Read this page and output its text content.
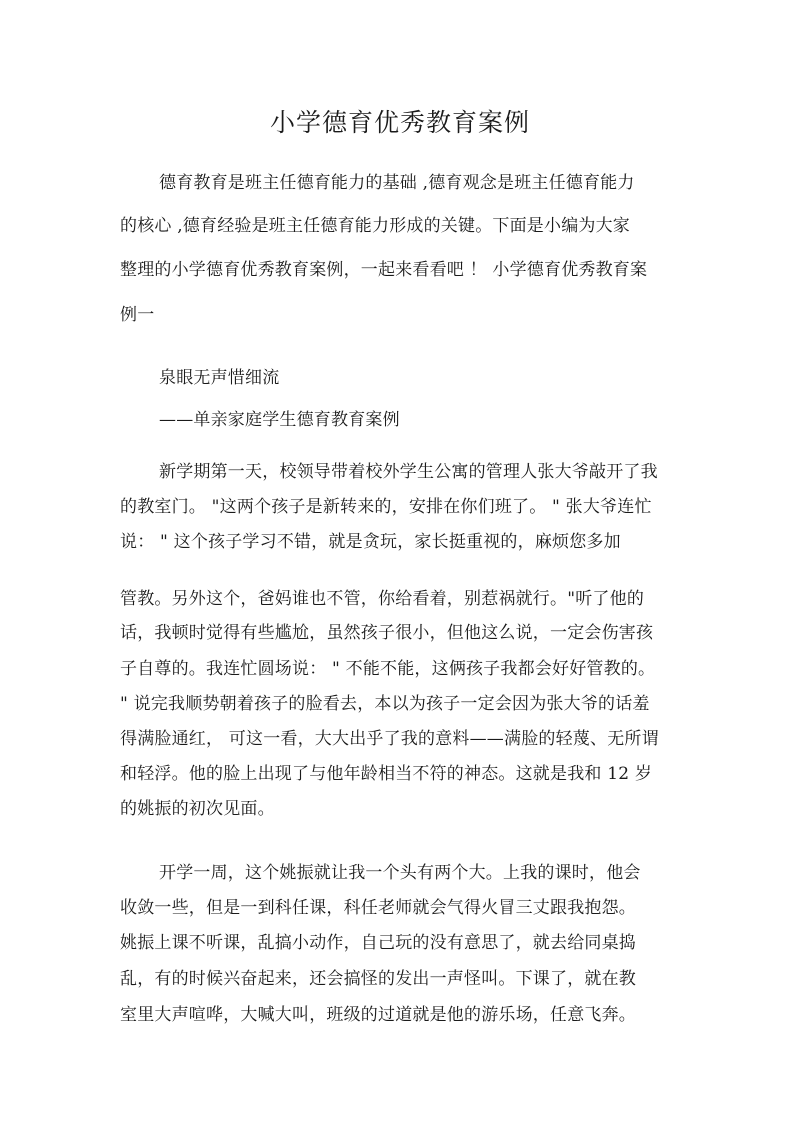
小学德育优秀教育案例
德育教育是班主任德育能力的基础 ,德育观念是班主任德育能力
的核心 ,德育经验是班主任德育能力形成的关键。下面是小编为大家
整理的小学德育优秀教育案例，一起来看看吧 ！ 小学德育优秀教育案
例一
泉眼无声惜细流
——单亲家庭学生德育教育案例
新学期第一天，校领导带着校外学生公寓的管理人张大爷敲开了我
的教室门。 "这两个孩子是新转来的，安排在你们班了。 " 张大爷连忙
说： " 这个孩子学习不错，就是贪玩，家长挺重视的，麻烦您多加
管教。另外这个，爸妈谁也不管，你给看着，别惹祸就行。"听了他的
话，我顿时觉得有些尴尬，虽然孩子很小，但他这么说，一定会伤害孩
子自尊的。我连忙圆场说： " 不能不能，这俩孩子我都会好好管教的。
" 说完我顺势朝着孩子的脸看去，本以为孩子一定会因为张大爷的话羞
得满脸通红， 可这一看，大大出乎了我的意料——满脸的轻蔑、无所谓
和轻浮。他的脸上出现了与他年龄相当不符的神态。这就是我和 12 岁
的姚振的初次见面。
开学一周，这个姚振就让我一个头有两个大。上我的课时，他会
收敛一些，但是一到科任课，科任老师就会气得火冒三丈跟我抱怨。
姚振上课不听课，乱搞小动作，自己玩的没有意思了，就去给同桌捣
乱，有的时候兴奋起来，还会搞怪的发出一声怪叫。下课了，就在教
室里大声喧哗，大喊大叫，班级的过道就是他的游乐场，任意飞奔。
